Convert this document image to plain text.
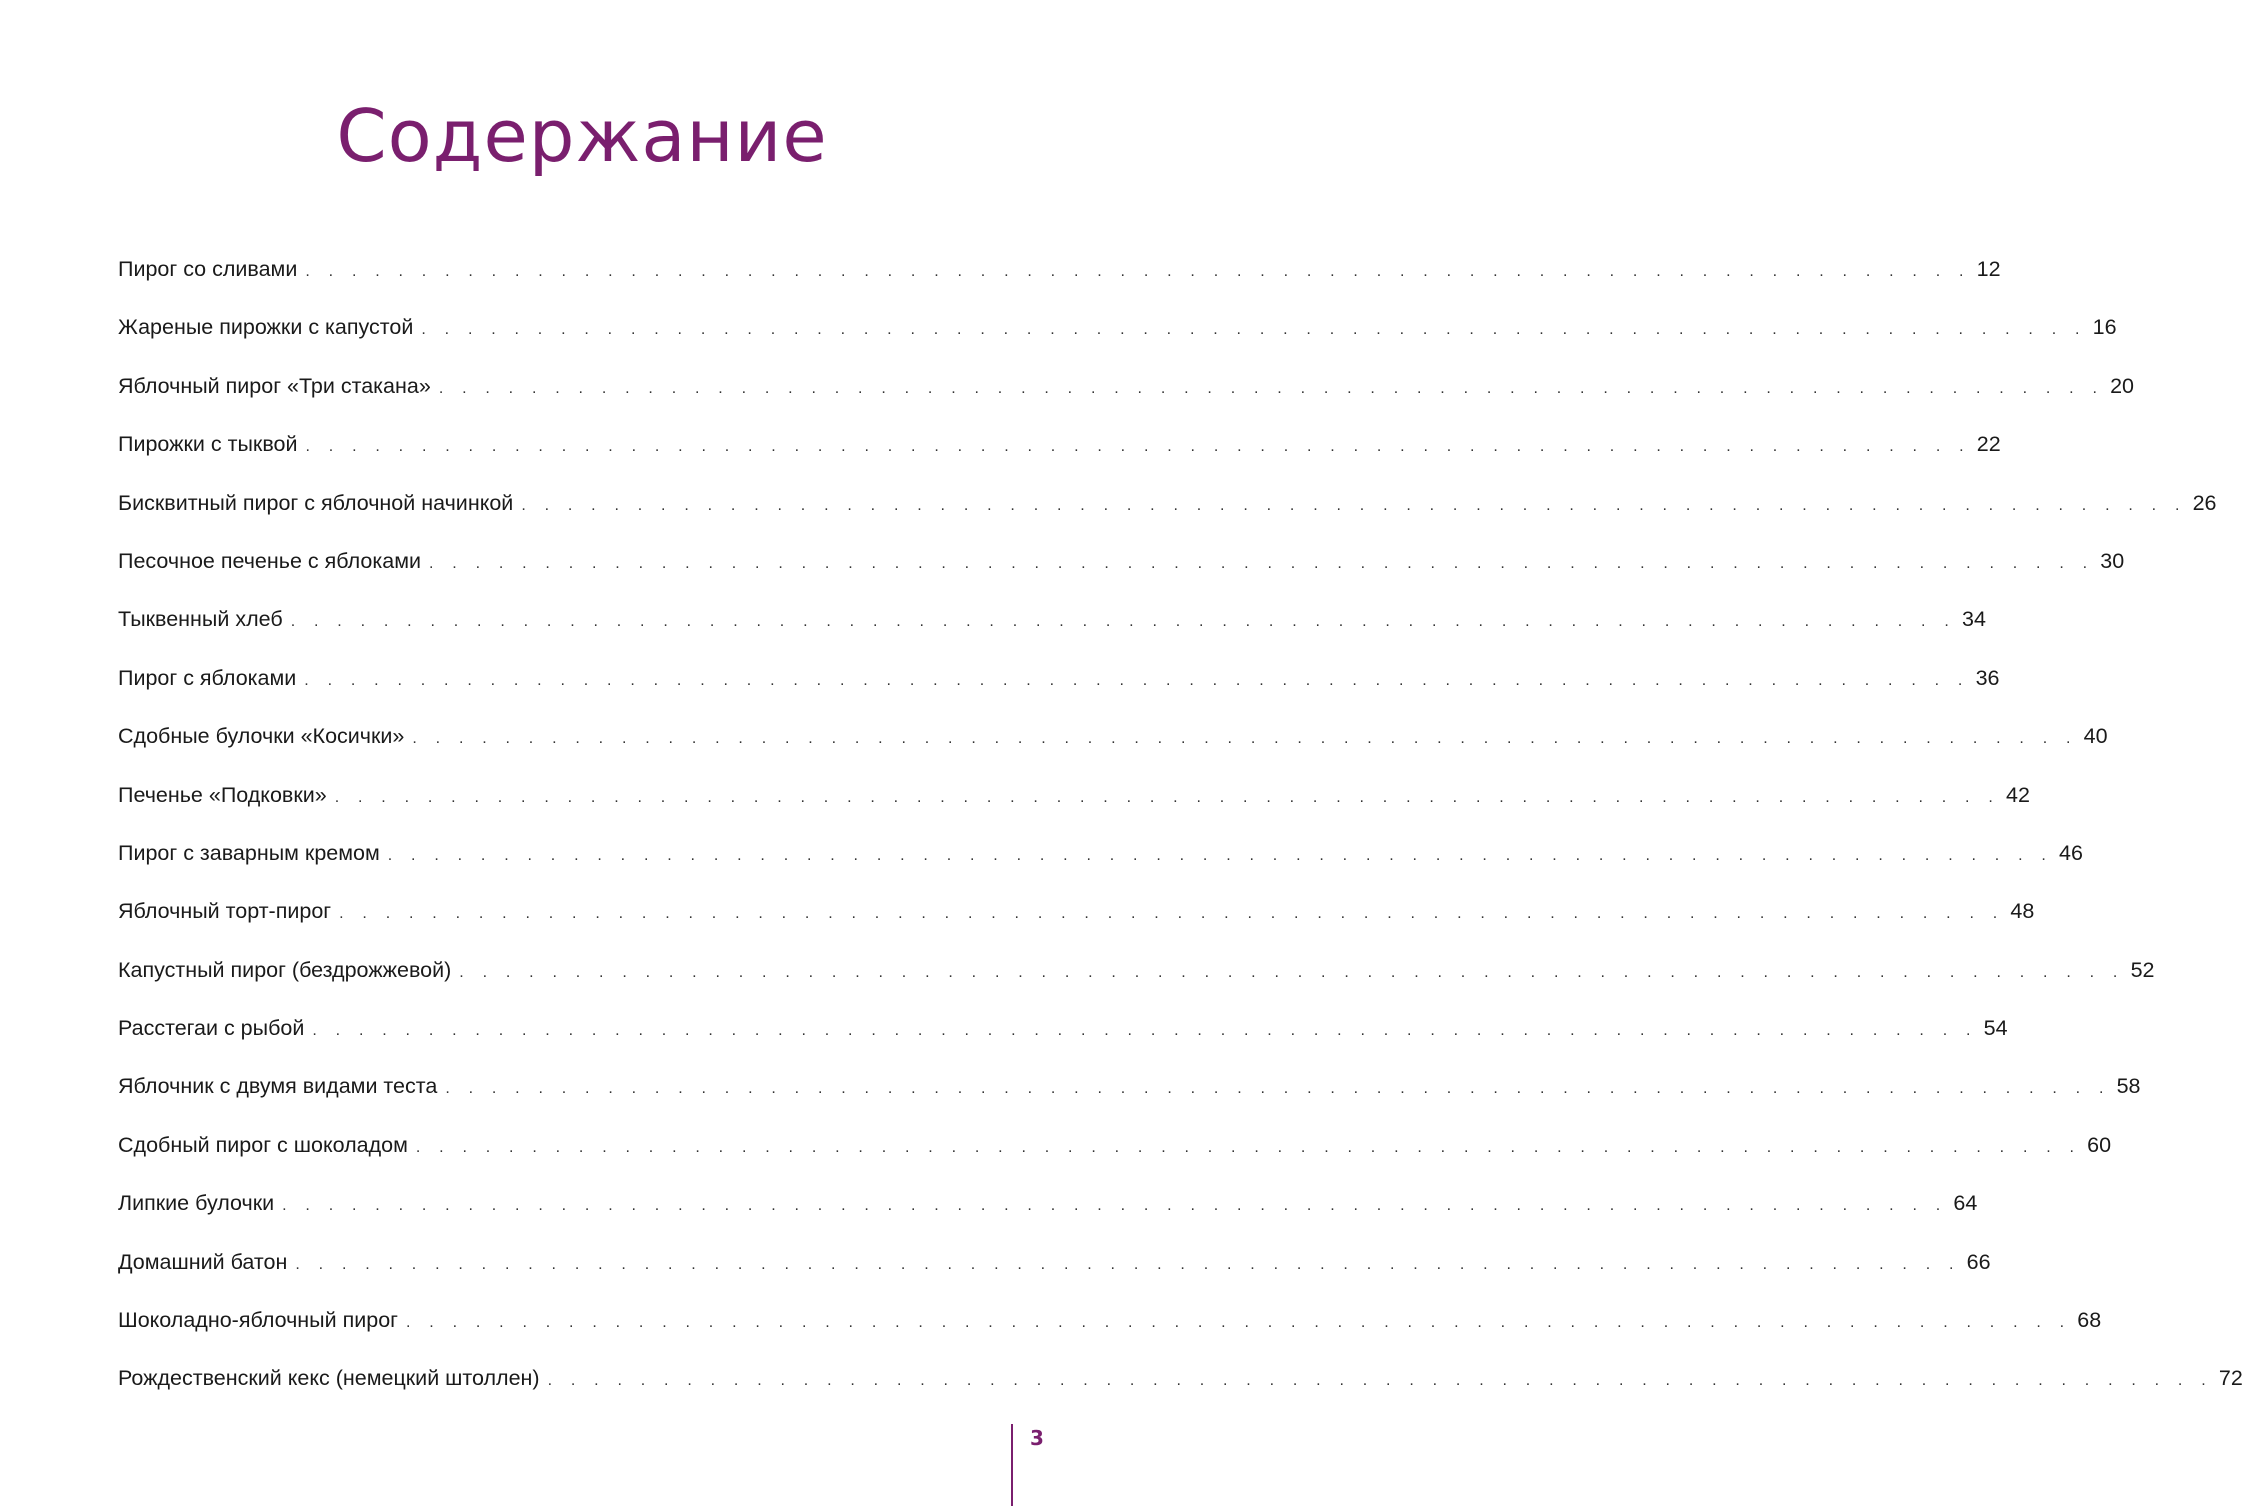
Содержание
Пирог со сливами . . . . . . . . . . . . . . . . . . . . . . . . . . . . . . . . . . . . . . . . . . . . . . . . . . . . . . . . . . . . . . . . . . . . . . . . 12
Жареные пирожки с капустой . . . . . . . . . . . . . . . . . . . . . . . . . . . . . . . . . . . . . . . . . . . . . . . . . . . . . . . . . . . . . . . . . . . . . . . . 16
Яблочный пирог «Три стакана» . . . . . . . . . . . . . . . . . . . . . . . . . . . . . . . . . . . . . . . . . . . . . . . . . . . . . . . . . . . . . . . . . . . . . . . . 20
Пирожки с тыквой . . . . . . . . . . . . . . . . . . . . . . . . . . . . . . . . . . . . . . . . . . . . . . . . . . . . . . . . . . . . . . . . . . . . . . . . 22
Бисквитный пирог с яблочной начинкой . . . . . . . . . . . . . . . . . . . . . . . . . . . . . . . . . . . . . . . . . . . . . . . . . . . . . . . . . . . . . . . . . . . . . . . . 26
Песочное печенье с яблоками . . . . . . . . . . . . . . . . . . . . . . . . . . . . . . . . . . . . . . . . . . . . . . . . . . . . . . . . . . . . . . . . . . . . . . . . 30
Тыквенный хлеб . . . . . . . . . . . . . . . . . . . . . . . . . . . . . . . . . . . . . . . . . . . . . . . . . . . . . . . . . . . . . . . . . . . . . . . . 34
Пирог с яблоками . . . . . . . . . . . . . . . . . . . . . . . . . . . . . . . . . . . . . . . . . . . . . . . . . . . . . . . . . . . . . . . . . . . . . . . . 36
Сдобные булочки «Косички» . . . . . . . . . . . . . . . . . . . . . . . . . . . . . . . . . . . . . . . . . . . . . . . . . . . . . . . . . . . . . . . . . . . . . . . . 40
Печенье «Подковки» . . . . . . . . . . . . . . . . . . . . . . . . . . . . . . . . . . . . . . . . . . . . . . . . . . . . . . . . . . . . . . . . . . . . . . . . 42
Пирог с заварным кремом . . . . . . . . . . . . . . . . . . . . . . . . . . . . . . . . . . . . . . . . . . . . . . . . . . . . . . . . . . . . . . . . . . . . . . . . 46
Яблочный торт-пирог . . . . . . . . . . . . . . . . . . . . . . . . . . . . . . . . . . . . . . . . . . . . . . . . . . . . . . . . . . . . . . . . . . . . . . . . 48
Капустный пирог (бездрожжевой) . . . . . . . . . . . . . . . . . . . . . . . . . . . . . . . . . . . . . . . . . . . . . . . . . . . . . . . . . . . . . . . . . . . . . . . . 52
Расстегаи с рыбой . . . . . . . . . . . . . . . . . . . . . . . . . . . . . . . . . . . . . . . . . . . . . . . . . . . . . . . . . . . . . . . . . . . . . . . . 54
Яблочник с двумя видами теста . . . . . . . . . . . . . . . . . . . . . . . . . . . . . . . . . . . . . . . . . . . . . . . . . . . . . . . . . . . . . . . . . . . . . . . . 58
Сдобный пирог с шоколадом . . . . . . . . . . . . . . . . . . . . . . . . . . . . . . . . . . . . . . . . . . . . . . . . . . . . . . . . . . . . . . . . . . . . . . . . 60
Липкие булочки . . . . . . . . . . . . . . . . . . . . . . . . . . . . . . . . . . . . . . . . . . . . . . . . . . . . . . . . . . . . . . . . . . . . . . . . 64
Домашний батон . . . . . . . . . . . . . . . . . . . . . . . . . . . . . . . . . . . . . . . . . . . . . . . . . . . . . . . . . . . . . . . . . . . . . . . . 66
Шоколадно-яблочный пирог . . . . . . . . . . . . . . . . . . . . . . . . . . . . . . . . . . . . . . . . . . . . . . . . . . . . . . . . . . . . . . . . . . . . . . . . 68
Рождественский кекс (немецкий штоллен) . . . . . . . . . . . . . . . . . . . . . . . . . . . . . . . . . . . . . . . . . . . . . . . . . . . . . . . . . . . . . . . . . . . . . . . . 72
3
